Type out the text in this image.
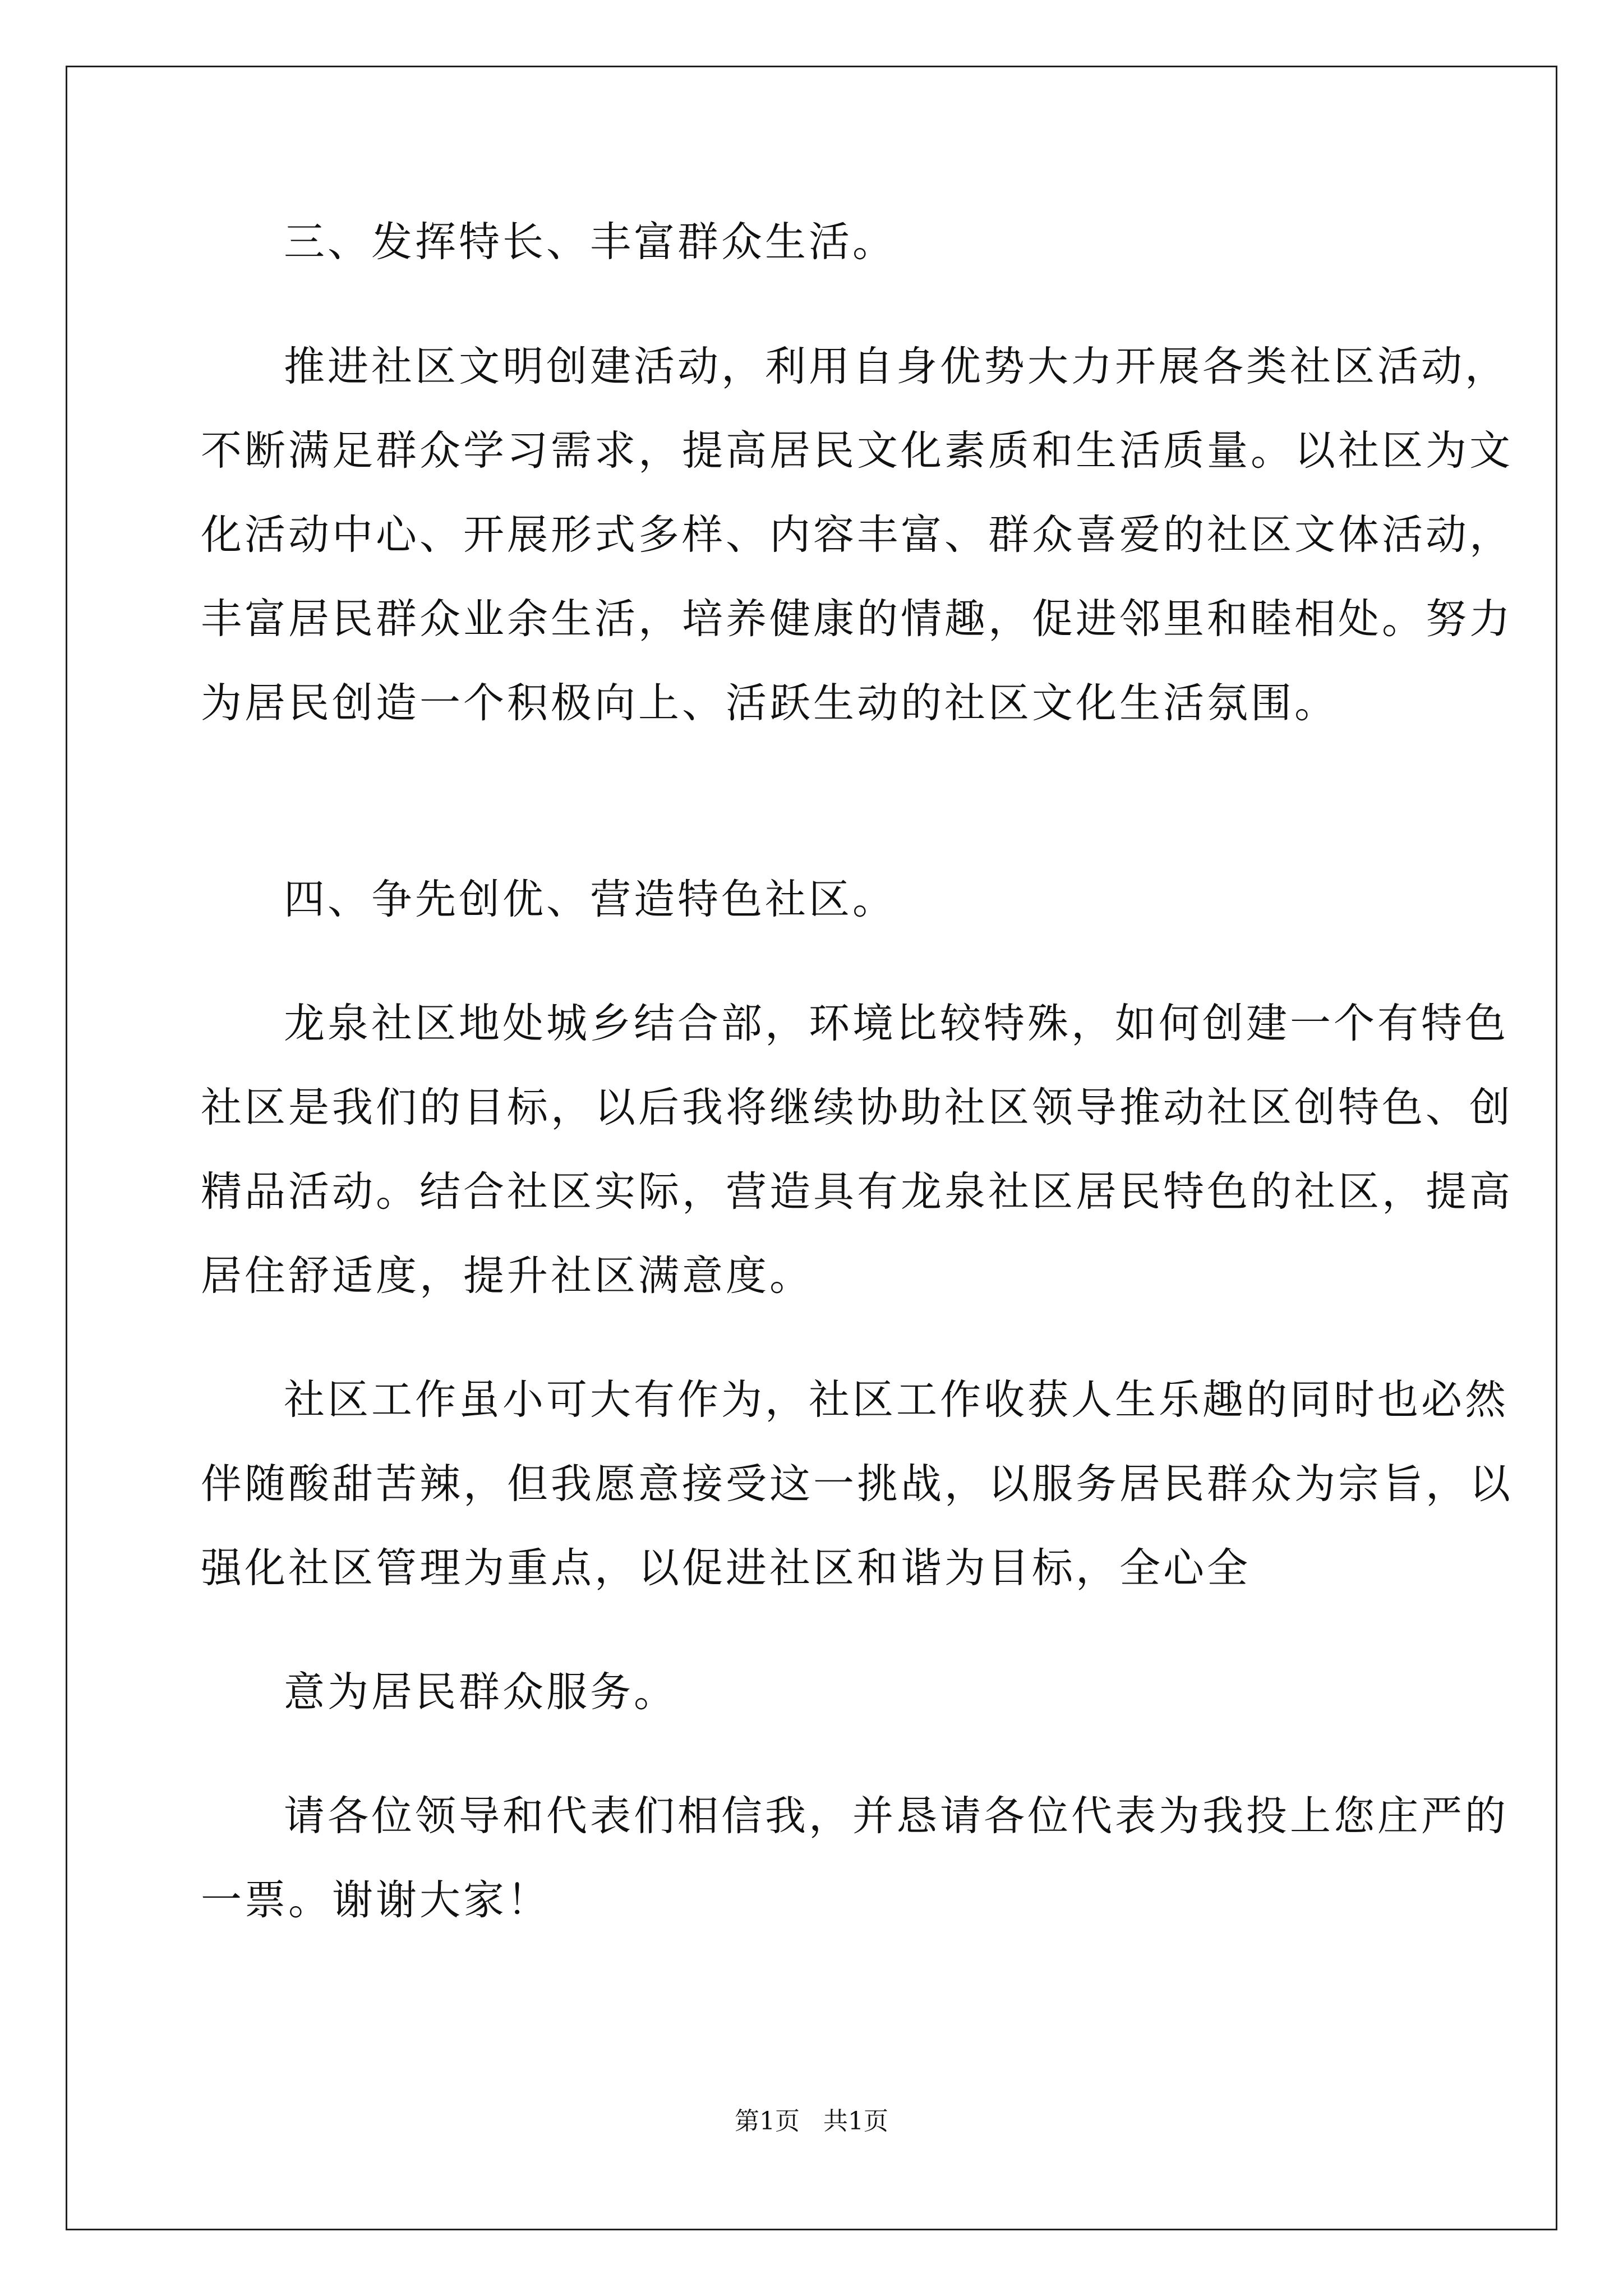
三、发挥特长、丰富群众生活。
推进社区文明创建活动，利用自身优势大力开展各类社区活动，
不断满足群众学习需求，提高居民文化素质和生活质量。以社区为文
化活动中心、开展形式多样、内容丰富、群众喜爱的社区文体活动，
丰富居民群众业余生活，培养健康的情趣，促进邻里和睦相处。努力
为居民创造一个积极向上、活跃生动的社区文化生活氛围。
四、争先创优、营造特色社区。
龙泉社区地处城乡结合部，环境比较特殊，如何创建一个有特色
社区是我们的目标，以后我将继续协助社区领导推动社区创特色、创
精品活动。结合社区实际，营造具有龙泉社区居民特色的社区，提高
居住舒适度，提升社区满意度。
社区工作虽小可大有作为，社区工作收获人生乐趣的同时也必然
伴随酸甜苦辣，但我愿意接受这一挑战，以服务居民群众为宗旨，以
强化社区管理为重点，以促进社区和谐为目标，全心全
意为居民群众服务。
请各位领导和代表们相信我，并恳请各位代表为我投上您庄严的
一票。谢谢大家！
第1页   共1页
